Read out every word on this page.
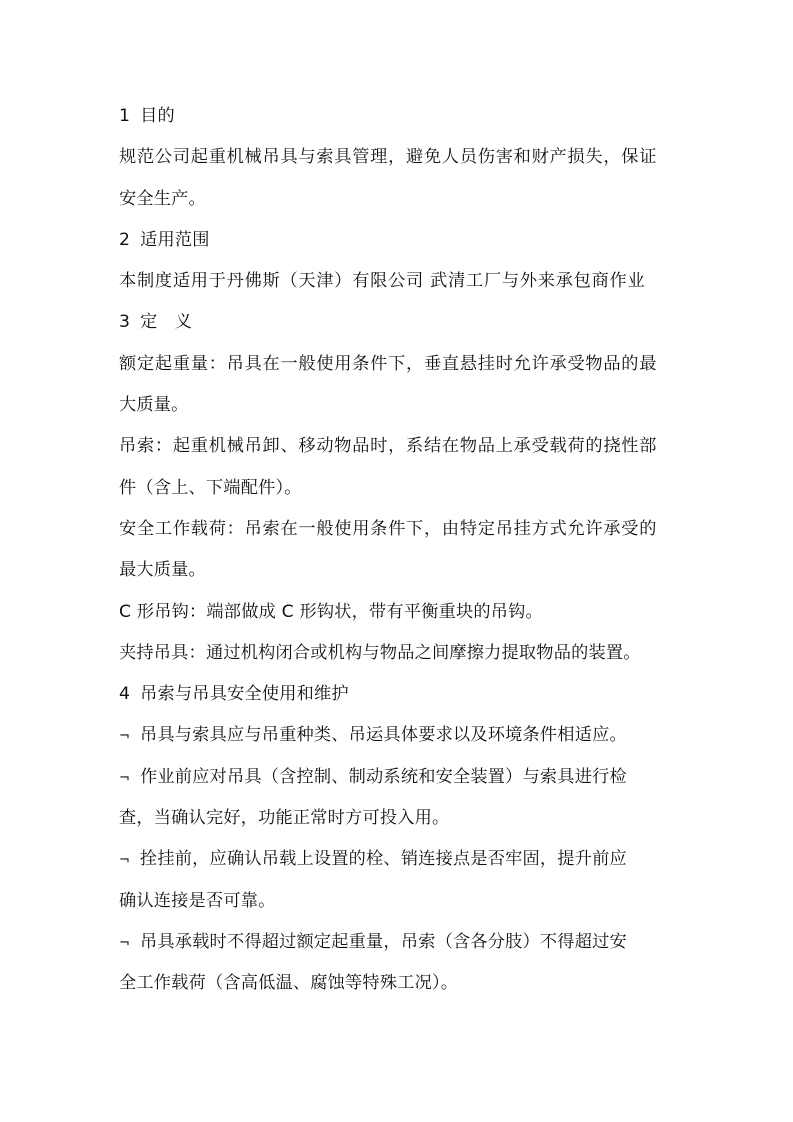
1 目的
规范公司起重机械吊具与索具管理，避免人员伤害和财产损失，保证
安全生产。
2 适用范围
本制度适用于丹佛斯（天津）有限公司 武清工厂与外来承包商作业
3 定 义
额定起重量：吊具在一般使用条件下，垂直悬挂时允许承受物品的最
大质量。
吊索：起重机械吊卸、移动物品时，系结在物品上承受载荷的挠性部
件（含上、下端配件）。
安全工作载荷：吊索在一般使用条件下，由特定吊挂方式允许承受的
最大质量。
C 形吊钩：端部做成 C 形钩状，带有平衡重块的吊钩。
夹持吊具：通过机构闭合或机构与物品之间摩擦力提取物品的装置。
4 吊索与吊具安全使用和维护
¬ 吊具与索具应与吊重种类、吊运具体要求以及环境条件相适应。
¬ 作业前应对吊具（含控制、制动系统和安全装置）与索具进行检
查，当确认完好，功能正常时方可投入用。
¬ 拴挂前，应确认吊载上设置的栓、销连接点是否牢固，提升前应
确认连接是否可靠。
¬ 吊具承载时不得超过额定起重量，吊索（含各分肢）不得超过安
全工作载荷（含高低温、腐蚀等特殊工况）。
